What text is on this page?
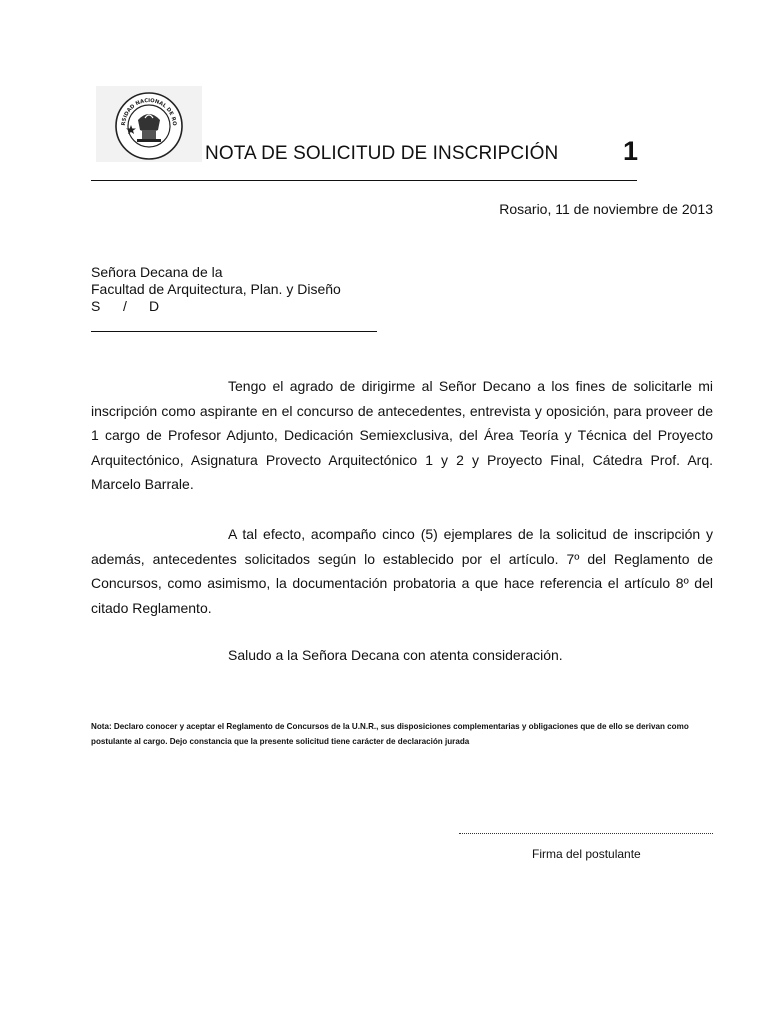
RSIDAD NACIONAL DE RO
NOTA DE SOLICITUD DE INSCRIPCIÓN 1
Rosario, 11 de noviembre de 2013
Señora Decana de la
Facultad de Arquitectura, Plan. y Diseño
S / D

Tengo el agrado de dirigirme al Señor Decano a los fines de solicitarle mi inscripción como aspirante en el concurso de antecedentes, entrevista y oposición, para proveer de 1 cargo de Profesor Adjunto, Dedicación Semiexclusiva, del Área Teoría y Técnica del Proyecto Arquitectónico, Asignatura Provecto Arquitectónico 1 y 2 y Proyecto Final, Cátedra Prof. Arq. Marcelo Barrale.

A tal efecto, acompaño cinco (5) ejemplares de la solicitud de inscripción y además, antecedentes solicitados según lo establecido por el artículo. 7º del Reglamento de Concursos, como asimismo, la documentación probatoria a que hace referencia el artículo 8º del citado Reglamento.

Saludo a la Señora Decana con atenta consideración.

Nota: Declaro conocer y aceptar el Reglamento de Concursos de la U.N.R., sus disposiciones complementarias y obligaciones que de ello se derivan como postulante al cargo. Dejo constancia que la presente solicitud tiene carácter de declaración jurada

Firma del postulante
